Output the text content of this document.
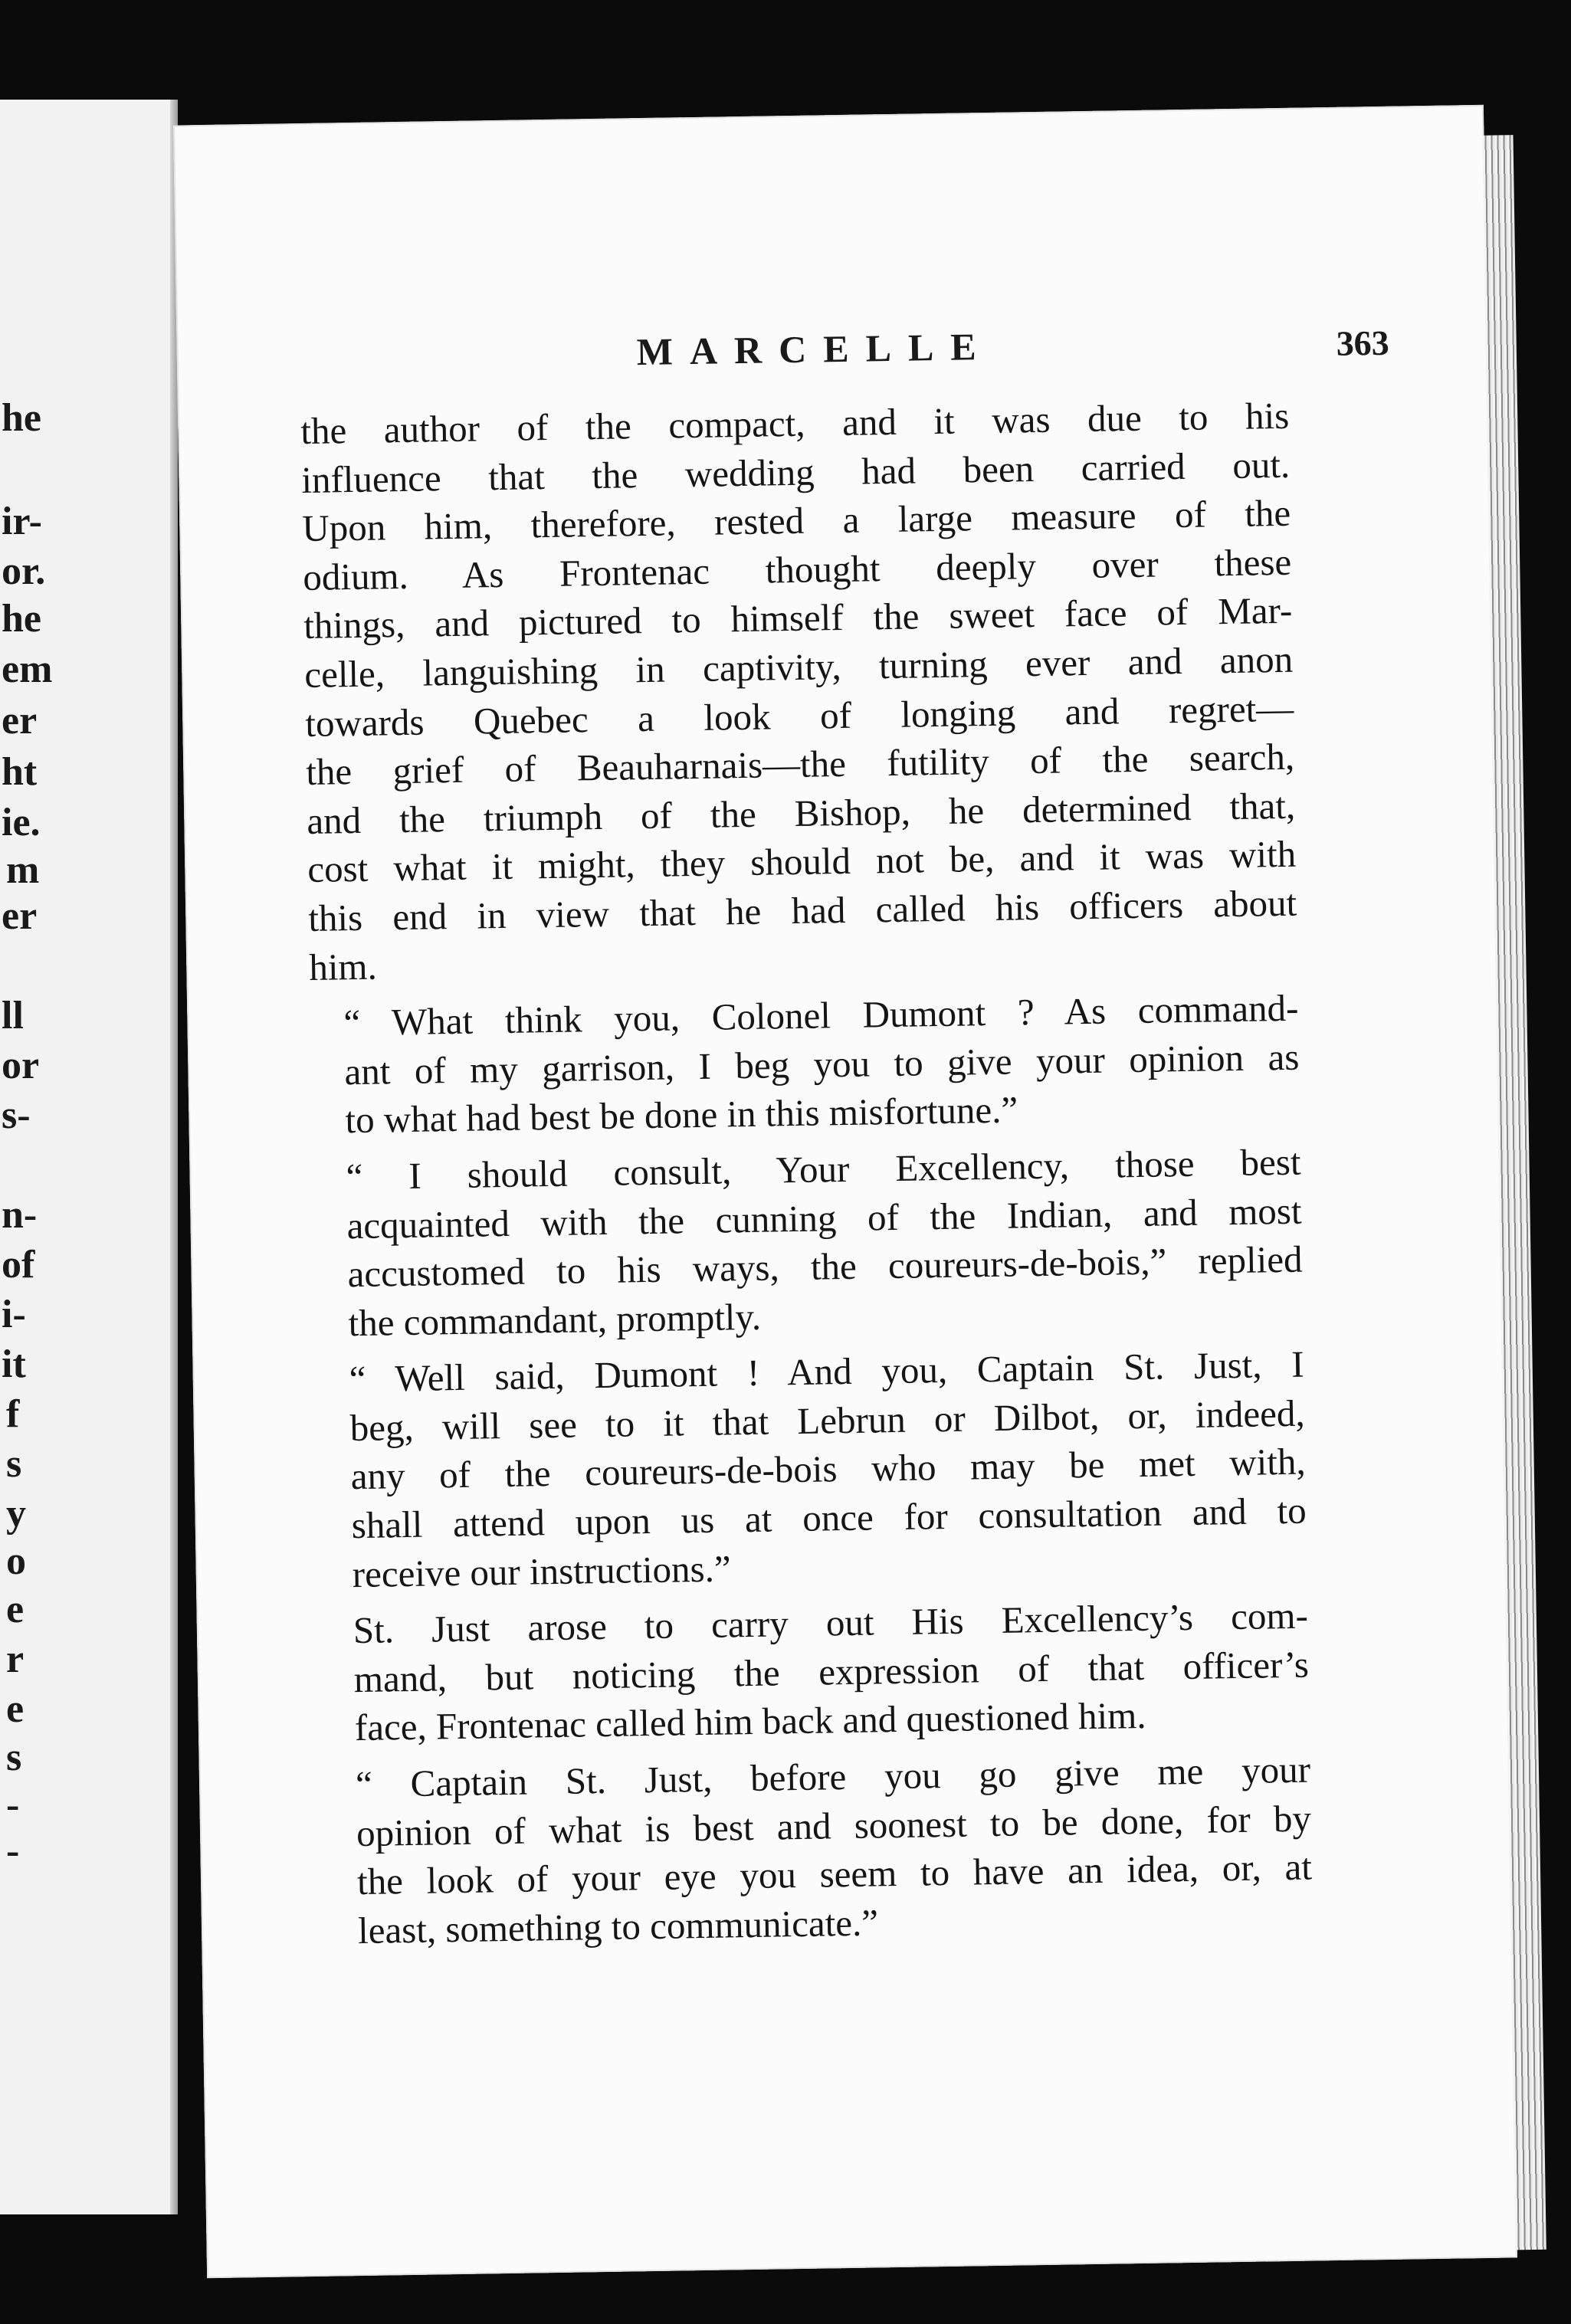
he
ir-
or.
he
em
er
ht
ie.
m
er
ll
or
s-
n-
of
i-
it
f
s
y
o
e
r
e
s
-
-
MARCELLE	363

the author of the compact, and it was due to his
influence that the wedding had been carried out.
Upon him, therefore, rested a large measure of the
odium. As Frontenac thought deeply over these
things, and pictured to himself the sweet face of Mar-
celle, languishing in captivity, turning ever and anon
towards Quebec a look of longing and regret—
the grief of Beauharnais—the futility of the search,
and the triumph of the Bishop, he determined that,
cost what it might, they should not be, and it was with
this end in view that he had called his officers about
him.

“ What think you, Colonel Dumont ? As command-
ant of my garrison, I beg you to give your opinion as
to what had best be done in this misfortune.”

“ I should consult, Your Excellency, those best
acquainted with the cunning of the Indian, and most
accustomed to his ways, the coureurs-de-bois,” replied
the commandant, promptly.

“ Well said, Dumont ! And you, Captain St. Just, I
beg, will see to it that Lebrun or Dilbot, or, indeed,
any of the coureurs-de-bois who may be met with,
shall attend upon us at once for consultation and to
receive our instructions.”

St. Just arose to carry out His Excellency’s com-
mand, but noticing the expression of that officer’s
face, Frontenac called him back and questioned him.

“ Captain St. Just, before you go give me your
opinion of what is best and soonest to be done, for by
the look of your eye you seem to have an idea, or, at
least, something to communicate.”
